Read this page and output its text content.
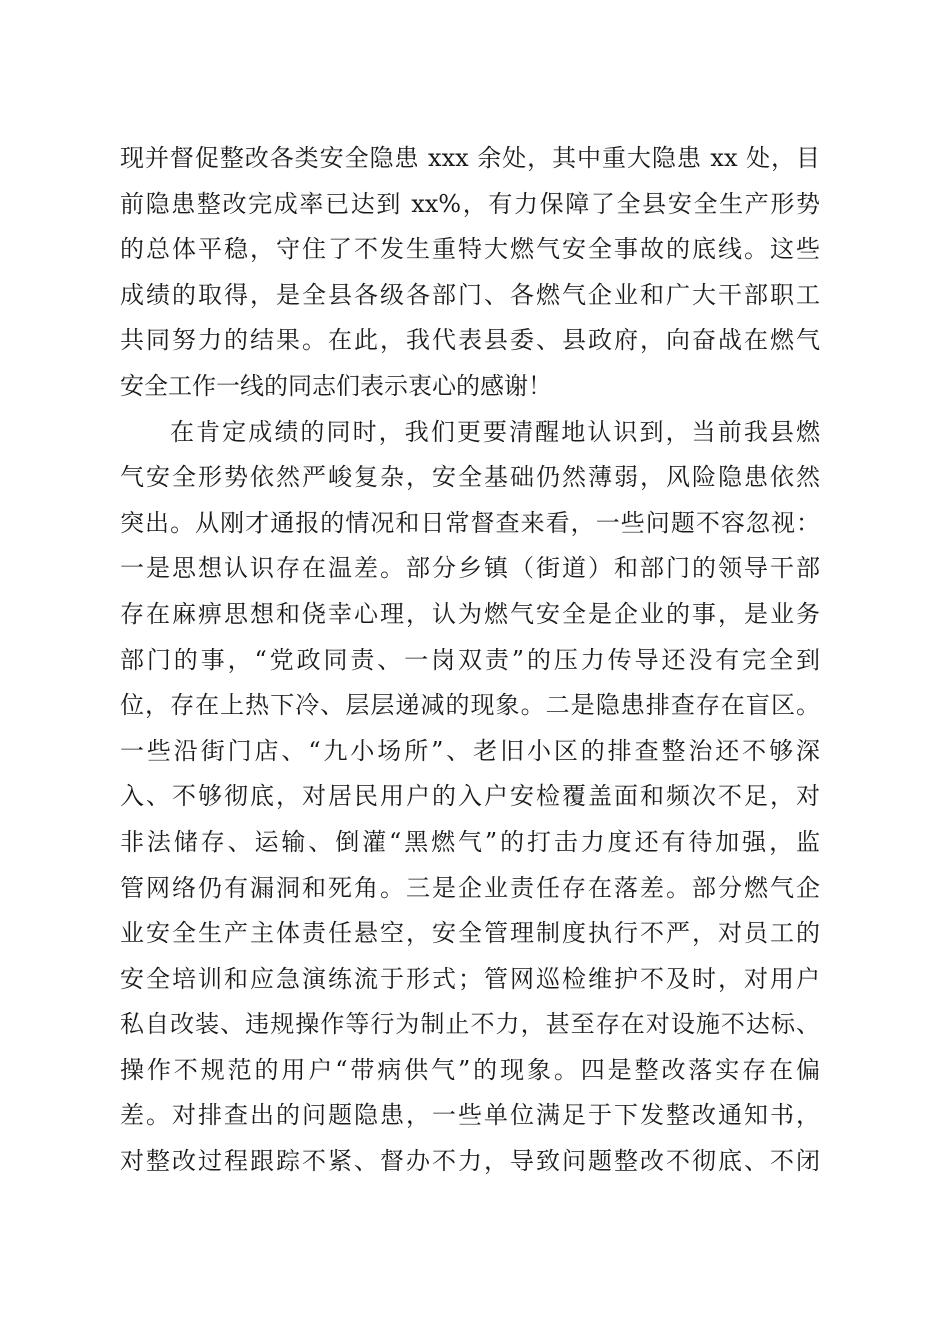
现并督促整改各类安全隐患 xxx 余处，其中重大隐患 xx 处，目
前隐患整改完成率已达到 xx%，有力保障了全县安全生产形势
的总体平稳，守住了不发生重特大燃气安全事故的底线。这些
成绩的取得，是全县各级各部门、各燃气企业和广大干部职工
共同努力的结果。在此，我代表县委、县政府，向奋战在燃气
安全工作一线的同志们表示衷心的感谢！
在肯定成绩的同时，我们更要清醒地认识到，当前我县燃
气安全形势依然严峻复杂，安全基础仍然薄弱，风险隐患依然
突出。从刚才通报的情况和日常督查来看，一些问题不容忽视：
一是思想认识存在温差。部分乡镇（街道）和部门的领导干部
存在麻痹思想和侥幸心理，认为燃气安全是企业的事，是业务
部门的事，“党政同责、一岗双责”的压力传导还没有完全到
位，存在上热下冷、层层递减的现象。二是隐患排查存在盲区。
一些沿街门店、“九小场所”、老旧小区的排查整治还不够深
入、不够彻底，对居民用户的入户安检覆盖面和频次不足，对
非法储存、运输、倒灌“黑燃气”的打击力度还有待加强，监
管网络仍有漏洞和死角。三是企业责任存在落差。部分燃气企
业安全生产主体责任悬空，安全管理制度执行不严，对员工的
安全培训和应急演练流于形式；管网巡检维护不及时，对用户
私自改装、违规操作等行为制止不力，甚至存在对设施不达标、
操作不规范的用户“带病供气”的现象。四是整改落实存在偏
差。对排查出的问题隐患，一些单位满足于下发整改通知书，
对整改过程跟踪不紧、督办不力，导致问题整改不彻底、不闭
